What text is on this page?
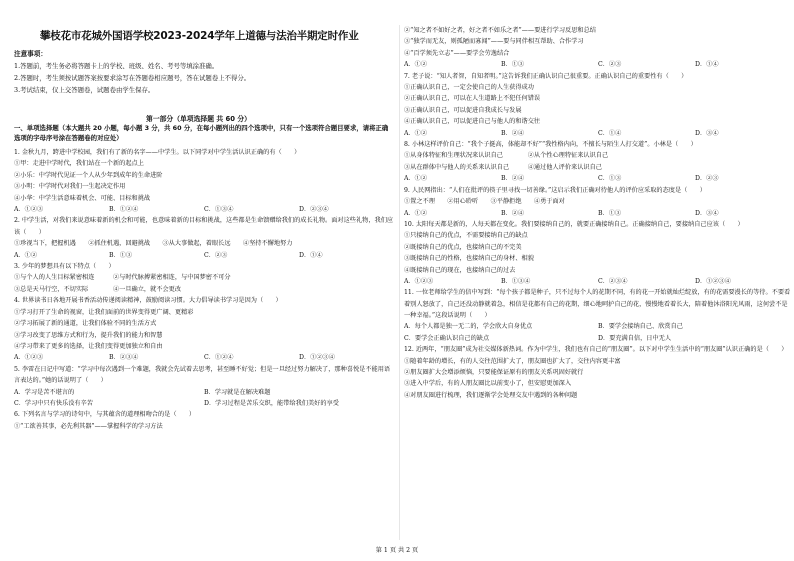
攀枝花市花城外国语学校2023-2024学年上道德与法治半期定时作业
注意事项：
1.答题前，考生务必将答题卡上的学校、班级、姓名、考号等填涂准确。
2.答题时，考生须按试题答案按要求涂写在答题卷相应题号，答在试题卷上不得分。
3.考试结束，仅上交答题卷，试题卷由学生保存。
第一部分（单项选择题 共 60 分）
一、单项选择题（本大题共 20 小题，每小题 3 分，共 60 分，在每小题列出的四个选项中，只有一个选项符合题目要求，请将正确选项的字母序号涂在答题卷的对应处）
1. 金秋九月，跨进中学校园，我们有了新的名字——中学生。以下同学对中学生活认识正确的有（　　）
①甲：走进中学时代，我们站在一个新的起点上
②小乐：中学时代见证一个人从少年到成年的生命进阶
③小明：中学时代对我们一生起决定作用
④小华：中学生活意味着机会、可能、目标和挑战
A．①②③	B．①②④	C．①③④	D．②③④
2. 中学生活，对我们来说意味着新的机会和可能，也意味着新的目标和挑战，这些都是生命馈赠给我们的成长礼物。面对这些礼物，我们应该（　　）
①珍视当下，把握机遇　　②抓住机遇，回避挑战　　③从大事做起，着眼长远　　④坚持不懈地努力
A．①②	B．①③	C．②③	D．①④
3. 少年的梦想具有以下特点（　　）
①与个人的人生目标紧密相连　　　②与时代脉搏紧密相连，与中国梦密不可分
③总是天马行空，不切实际　　　　④一旦确立，就不会更改
4. 世界读书日各地开展书香活动传递阅读精神，鼓励阅读习惯。大力倡导读书学习是因为（　　）
①学习打开了生命的视窗，让我们面前的世界变得更广阔、更精彩
②学习拓展了新的通道，让我们体验不同的生活方式
③学习改变了思维方式和行为，提升我们的能力和智慧
④学习带来了更多的选择，让我们变得更加独立和自由
A．①②③	B．②③④	C．①②④	D．①②③④
5. 李雷在日记中写道：“学习中每次遇到一个难题，我就会先试着去思考，甚至睡不好觉；但是一旦经过努力解决了，那种喜悦是不能用语言表达的。”她的话说明了（　　）
A．学习是苦不堪言的	B．学习就是在解决难题
C．学习中只有快乐没有辛苦	D．学习过程是苦乐交织，能带给我们美好的享受
6. 下列名言与学习的诗句中，与其蕴含的道理相吻合的是（　　）
①“工欲善其事，必先利其器”——掌握科学的学习方法
②“知之者不如好之者，好之者不如乐之者”——要进行学习反思和总结
③“独学而无友，则孤陋而寡闻”——要与同伴相互帮助、合作学习
④“百学须先立志”——要学会劳逸结合
A．①②	B．①③	C．②③	D．①④
7. 老子说：“知人者智，自知者明。”这告诉我们正确认识自己很重要。正确认识自己的重要性有（　　）
①正确认识自己，一定会使自己的人生获得成功
②正确认识自己，可以在人生道路上不犯任何错误
③正确认识自己，可以促进自我成长与发展
④正确认识自己，可以促进自己与他人的和谐交往
A．①②	B．②④	C．①④	D．③④
8. 小林这样评价自己：“我个子挺高，体能却不好”“我性格内向，不擅长与陌生人打交道”。小林是（　　）
①从身体特征和生理状况来认识自己　　　　②从个性心理特征来认识自己
③从在群体中与他人的关系来认识自己　　　④通过他人评价来认识自己
A．①②	B．②④	C．①③	D．②③
9. 人民网指出：“人们在批评的筷子里寻找一切善缘。”这启示我们正确对待他人的评价应采取的态度是（　　）
①置之不理　　②用心聆听　　③平静拒绝　　④勇于面对
A．①②	B．②④	B．①③	D．③④
10. 太阳每天都是新的，人每天都在变化。我们要接纳自己的，就要正确接纳自己。正确接纳自己，要接纳自己应该（　　）
①只接纳自己的优点，不需要接纳自己的缺点
②既接纳自己的优点，也接纳自己的不完美
③既接纳自己的性格，也接纳自己的身材、相貌
④既接纳自己的现在，也接纳自己的过去
A．①②③	B．①③④	C．②③④	D．①②③④
11. 一位老师给学生的信中写到：“每个孩子都是种子，只不过每个人的花期不同，有的花一开始就灿烂绽放，有的花需要漫长的等待。不要看着别人怒放了，自己还没动静就着急，相信是花都有自己的花期，细心地呵护自己的花，慢慢地看着长大，陪着他沐浴阳光风雨，这何尝不是一种幸福。”这段话说明（　　）
A．每个人都是独一无二的，学会欣大自身优点	B．要学会接纳自己、欣赏自己
C．要学会正确认识自己的缺点	D．要充满自信，日中无人
12. 近两年，“朋友圈”成为社交媒体新热词。作为中学生，我们也有自己的“朋友圈”。以下对中学生生活中的“朋友圈”认识正确的是（　　）
①随着年龄的增长，有的人交往范围扩大了，朋友圈也扩大了，交往内容更丰富
②朋友圈扩大会增添烦恼，只要能保证原有的朋友关系巩固好就行
③进入中学后，有的人朋友圈比以前变小了，但安慰更加深入
④对朋友圈进行梳理，我们逐渐学会处理交友中遇到的各种问题
第 1 页 共 2 页
